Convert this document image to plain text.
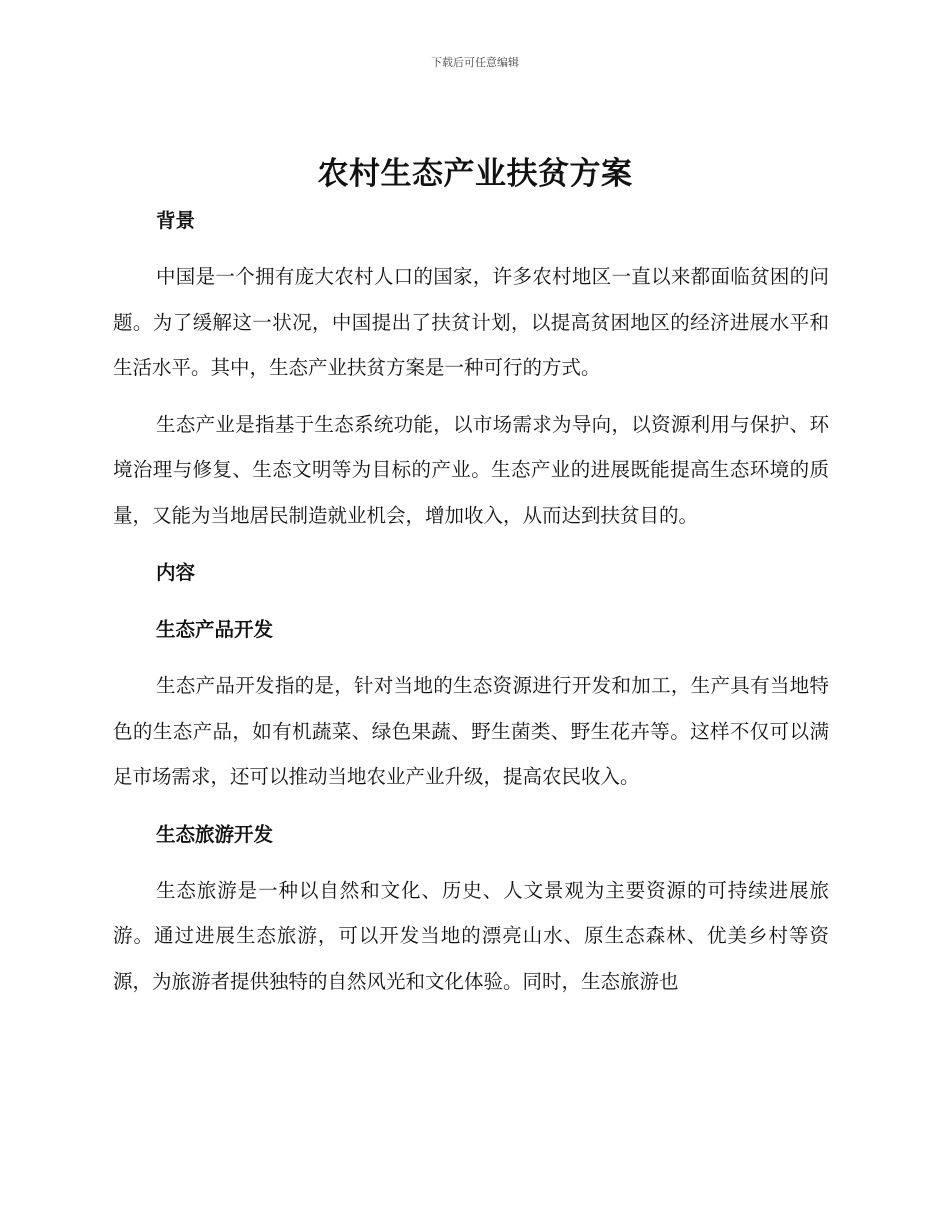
下载后可任意编辑
农村生态产业扶贫方案

背景

中国是一个拥有庞大农村人口的国家，许多农村地区一直以来都面临贫困的问题。为了缓解这一状况，中国提出了扶贫计划，以提高贫困地区的经济进展水平和生活水平。其中，生态产业扶贫方案是一种可行的方式。

生态产业是指基于生态系统功能，以市场需求为导向，以资源利用与保护、环境治理与修复、生态文明等为目标的产业。生态产业的进展既能提高生态环境的质量，又能为当地居民制造就业机会，增加收入，从而达到扶贫目的。

内容

生态产品开发

生态产品开发指的是，针对当地的生态资源进行开发和加工，生产具有当地特色的生态产品，如有机蔬菜、绿色果蔬、野生菌类、野生花卉等。这样不仅可以满足市场需求，还可以推动当地农业产业升级，提高农民收入。

生态旅游开发

生态旅游是一种以自然和文化、历史、人文景观为主要资源的可持续进展旅游。通过进展生态旅游，可以开发当地的漂亮山水、原生态森林、优美乡村等资源，为旅游者提供独特的自然风光和文化体验。同时，生态旅游也
